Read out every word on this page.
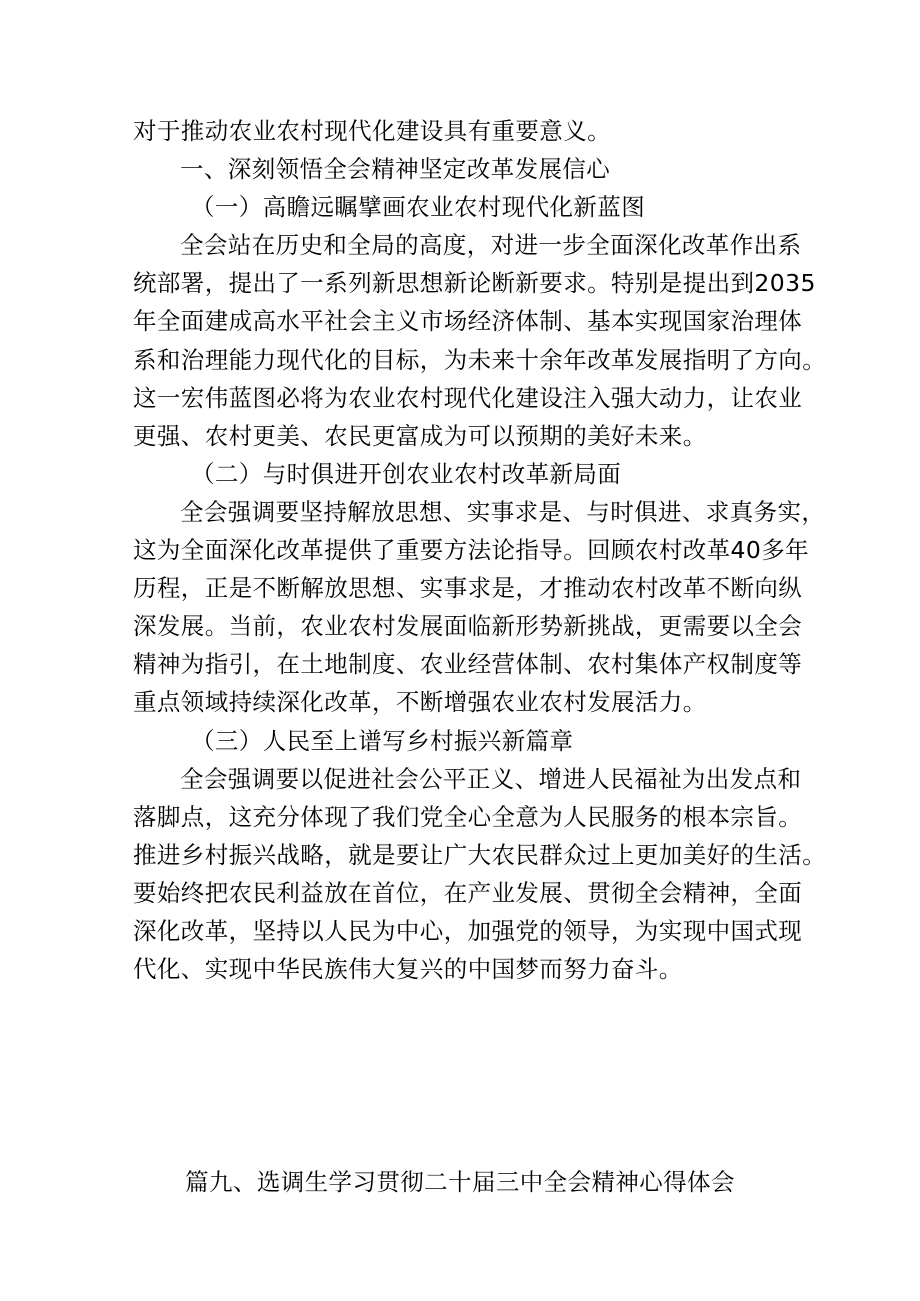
对于推动农业农村现代化建设具有重要意义。
一、深刻领悟全会精神坚定改革发展信心
（一）高瞻远瞩擘画农业农村现代化新蓝图
全会站在历史和全局的高度，对进一步全面深化改革作出系
统部署，提出了一系列新思想新论断新要求。特别是提出到2035
年全面建成高水平社会主义市场经济体制、基本实现国家治理体
系和治理能力现代化的目标，为未来十余年改革发展指明了方向。
这一宏伟蓝图必将为农业农村现代化建设注入强大动力，让农业
更强、农村更美、农民更富成为可以预期的美好未来。
（二）与时俱进开创农业农村改革新局面
全会强调要坚持解放思想、实事求是、与时俱进、求真务实，
这为全面深化改革提供了重要方法论指导。回顾农村改革40多年
历程，正是不断解放思想、实事求是，才推动农村改革不断向纵
深发展。当前，农业农村发展面临新形势新挑战，更需要以全会
精神为指引，在土地制度、农业经营体制、农村集体产权制度等
重点领域持续深化改革，不断增强农业农村发展活力。
（三）人民至上谱写乡村振兴新篇章
全会强调要以促进社会公平正义、增进人民福祉为出发点和
落脚点，这充分体现了我们党全心全意为人民服务的根本宗旨。
推进乡村振兴战略，就是要让广大农民群众过上更加美好的生活。
要始终把农民利益放在首位，在产业发展、贯彻全会精神，全面
深化改革，坚持以人民为中心，加强党的领导，为实现中国式现
代化、实现中华民族伟大复兴的中国梦而努力奋斗。
篇九、选调生学习贯彻二十届三中全会精神心得体会
